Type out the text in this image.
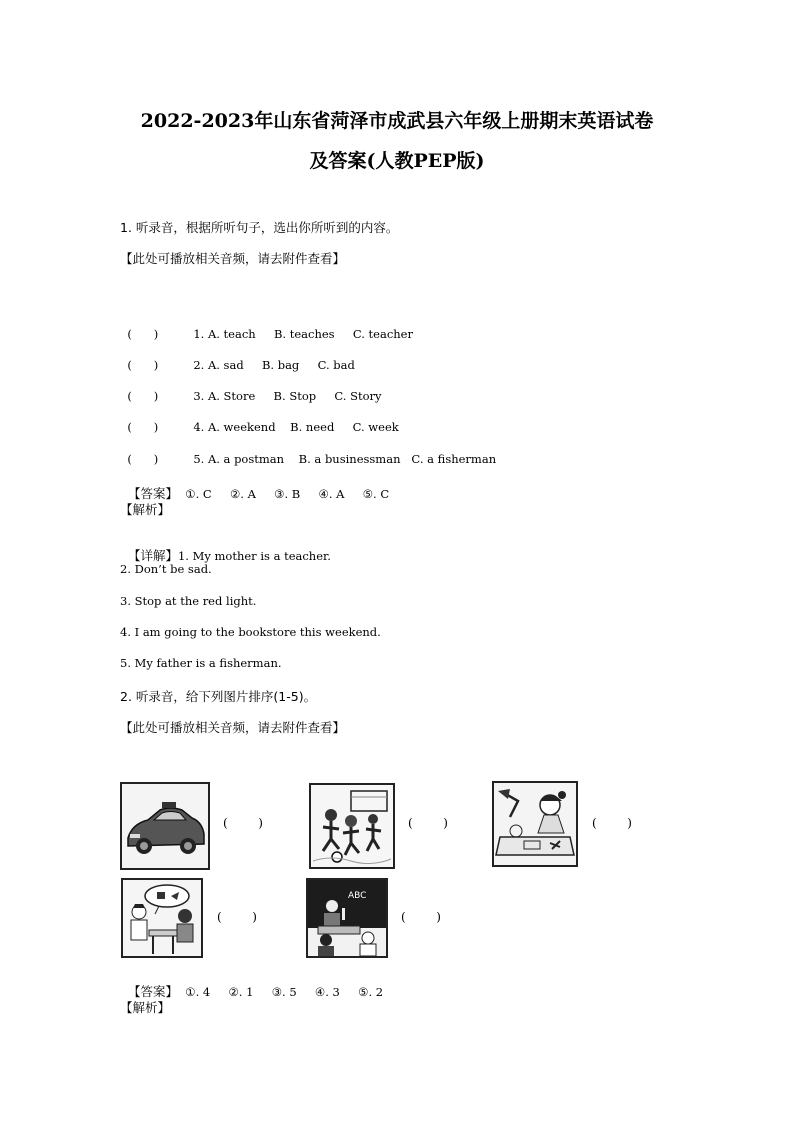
2022-2023年山东省菏泽市成武县六年级上册期末英语试卷
及答案(人教PEP版)
1. 听录音，根据所听句子，选出你所听到的内容。
【此处可播放相关音频，请去附件查看】

(      )	1. A. teach     B. teaches     C. teacher

(      )	2. A. sad     B. bag     C. bad

(      )	3. A. Store     B. Stop     C. Story

(      )	4. A. weekend    B. need     C. week

(      )	5. A. a postman    B. a businessman   C. a fisherman

【答案】  ①. C     ②. A     ③. B     ④. A     ⑤. C

【解析】

【详解】1. My mother is a teacher.

2. Don’t be sad.
3. Stop at the red light.
4. I am going to the bookstore this weekend.
5. My father is a fisherman.
2. 听录音，给下列图片排序(1-5)。
【此处可播放相关音频，请去附件查看】
(        )	(        )	(        )
(        )
ABC
(        )

【答案】  ①. 4     ②. 1     ③. 5     ④. 3     ⑤. 2

【解析】
